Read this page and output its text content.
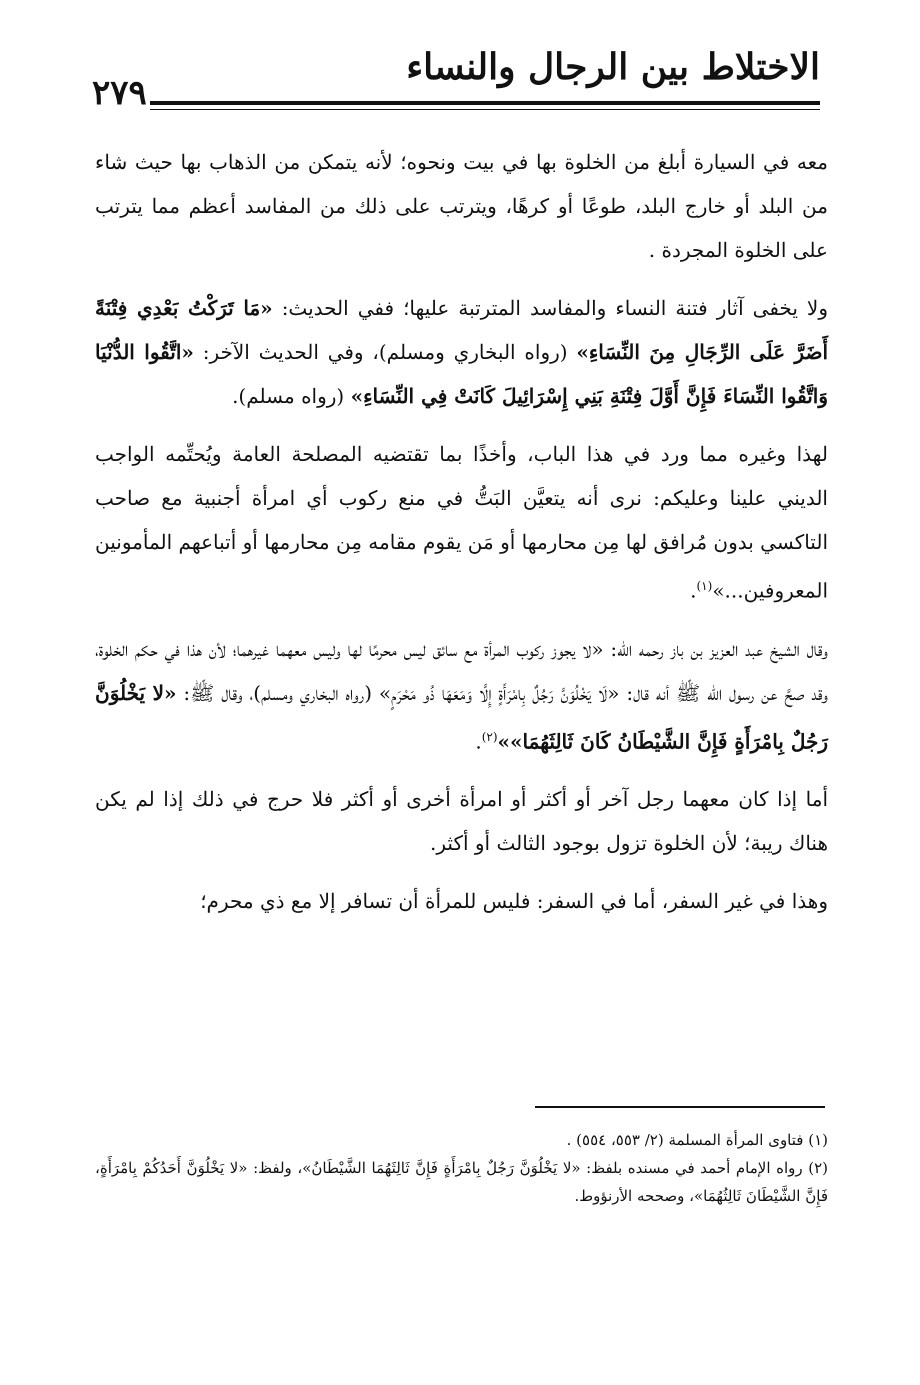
٢٧٩
الاختلاط بين الرجال والنساء

معه في السيارة أبلغ من الخلوة بها في بيت ونحوه؛ لأنه يتمكن من الذهاب بها حيث شاء من البلد أو خارج البلد، طوعًا أو كرهًا، ويترتب على ذلك من المفاسد أعظم مما يترتب على الخلوة المجردة .

ولا يخفى آثار فتنة النساء والمفاسد المترتبة عليها؛ ففي الحديث: «مَا تَرَكْتُ بَعْدِي فِتْنَةً أَضَرَّ عَلَى الرِّجَالِ مِنَ النِّسَاءِ» (رواه البخاري ومسلم)، وفي الحديث الآخر: «اتَّقُوا الدُّنْيَا وَاتَّقُوا النِّسَاءَ فَإِنَّ أَوَّلَ فِتْنَةِ بَنِي إِسْرَائِيلَ كَانَتْ فِي النِّسَاءِ» (رواه مسلم).

لهذا وغيره مما ورد في هذا الباب، وأخذًا بما تقتضيه المصلحة العامة ويُحتِّمه الواجب الديني علينا وعليكم: نرى أنه يتعيَّن البَتُّ في منع ركوب أي امرأة أجنبية مع صاحب التاكسي بدون مُرافق لها مِن محارمها أو مَن يقوم مقامه مِن محارمها أو أتباعهم المأمونين المعروفين...»$^{(١)}$.

وقال الشيخ عبد العزيز بن باز رحمه الله: «لا يجوز ركوب المرأة مع سائق ليس محرمًا لها وليس معهما غيرهما؛ لأن هذا في حكم الخلوة، وقد صحَّ عن رسول الله ﷺ أنه قال: «لَا يَخْلُوَنَّ رَجُلٌ بِامْرَأَةٍ إِلَّا وَمَعَهَا ذُو مَحْرَمٍ» (رواه البخاري ومسلم)، وقال ﷺ: «لا يَخْلُوَنَّ رَجُلٌ بِامْرَأَةٍ فَإِنَّ الشَّيْطَانُ كَانَ ثَالِثَهُمَا»»$^{(٢)}$.

أما إذا كان معهما رجل آخر أو أكثر أو امرأة أخرى أو أكثر فلا حرج في ذلك إذا لم يكن هناك ريبة؛ لأن الخلوة تزول بوجود الثالث أو أكثر.

وهذا في غير السفر، أما في السفر: فليس للمرأة أن تسافر إلا مع ذي محرم؛

(١) فتاوى المرأة المسلمة (٢/ ٥٥٣، ٥٥٤) .

(٢) رواه الإمام أحمد في مسنده بلفظ: «لا يَخْلُوَنَّ رَجُلٌ بِامْرَأَةٍ فَإِنَّ ثَالِثَهُمَا الشَّيْطَانُ»، ولفظ: «لا يَخْلُوَنَّ أَحَدُكُمْ بِامْرَأَةٍ، فَإِنَّ الشَّيْطَانَ ثَالِثُهُمَا»، وصححه الأرنؤوط.
